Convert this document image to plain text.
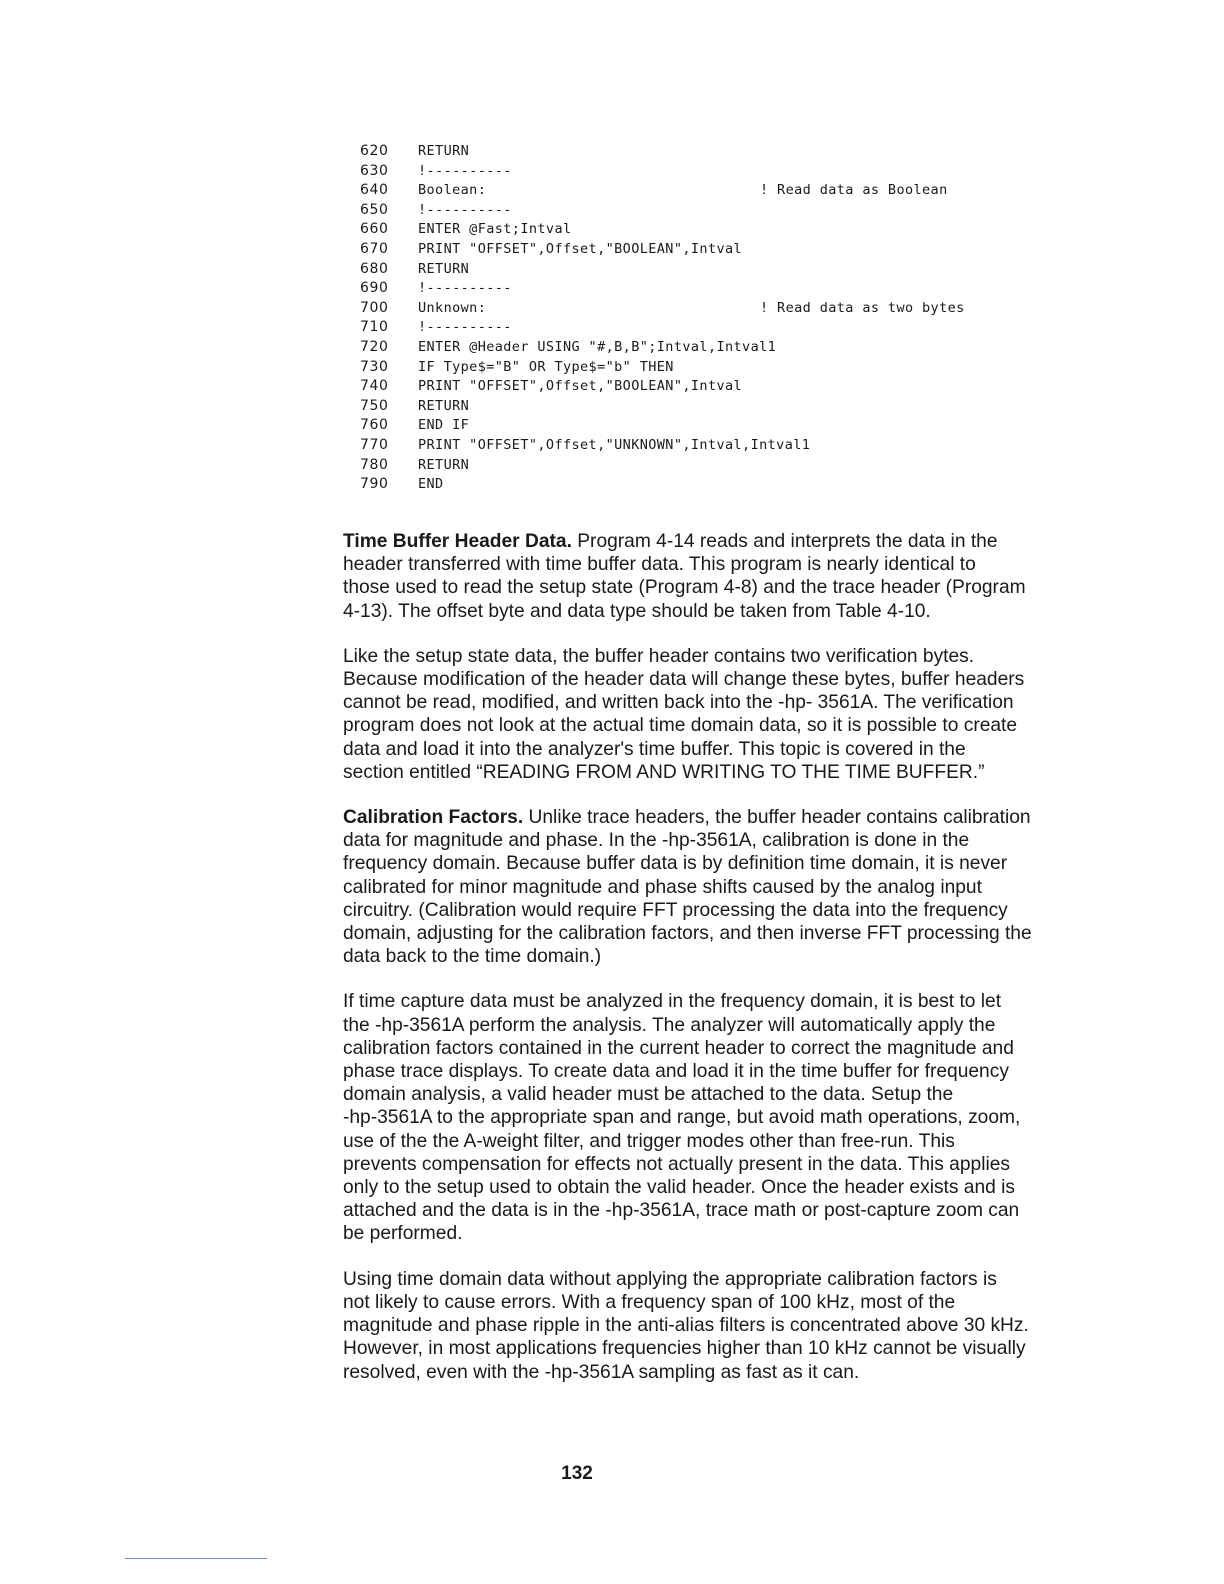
620	RETURN
630	!----------
640	Boolean:	! Read data as Boolean
650	!----------
660	ENTER @Fast;Intval
670	PRINT "OFFSET",Offset,"BOOLEAN",Intval
680	RETURN
690	!----------
700	Unknown:	! Read data as two bytes
710	!----------
720	ENTER @Header USING "#,B,B";Intval,Intval1
730	IF Type$="B" OR Type$="b" THEN
740	PRINT "OFFSET",Offset,"BOOLEAN",Intval
750	RETURN
760	END IF
770	PRINT "OFFSET",Offset,"UNKNOWN",Intval,Intval1
780	RETURN
790	END

Time Buffer Header Data. Program 4-14 reads and interprets the data in the
header transferred with time buffer data. This program is nearly identical to
those used to read the setup state (Program 4-8) and the trace header (Program
4-13). The offset byte and data type should be taken from Table 4-10.

Like the setup state data, the buffer header contains two verification bytes.
Because modification of the header data will change these bytes, buffer headers
cannot be read, modified, and written back into the -hp- 3561A. The verification
program does not look at the actual time domain data, so it is possible to create
data and load it into the analyzer's time buffer. This topic is covered in the
section entitled “READING FROM AND WRITING TO THE TIME BUFFER.”

Calibration Factors. Unlike trace headers, the buffer header contains calibration
data for magnitude and phase. In the -hp-3561A, calibration is done in the
frequency domain. Because buffer data is by definition time domain, it is never
calibrated for minor magnitude and phase shifts caused by the analog input
circuitry. (Calibration would require FFT processing the data into the frequency
domain, adjusting for the calibration factors, and then inverse FFT processing the
data back to the time domain.)

If time capture data must be analyzed in the frequency domain, it is best to let
the -hp-3561A perform the analysis. The analyzer will automatically apply the
calibration factors contained in the current header to correct the magnitude and
phase trace displays. To create data and load it in the time buffer for frequency
domain analysis, a valid header must be attached to the data. Setup the
-hp-3561A to the appropriate span and range, but avoid math operations, zoom,
use of the the A-weight filter, and trigger modes other than free-run. This
prevents compensation for effects not actually present in the data. This applies
only to the setup used to obtain the valid header. Once the header exists and is
attached and the data is in the -hp-3561A, trace math or post-capture zoom can
be performed.

Using time domain data without applying the appropriate calibration factors is
not likely to cause errors. With a frequency span of 100 kHz, most of the
magnitude and phase ripple in the anti-alias filters is concentrated above 30 kHz.
However, in most applications frequencies higher than 10 kHz cannot be visually
resolved, even with the -hp-3561A sampling as fast as it can.

132
